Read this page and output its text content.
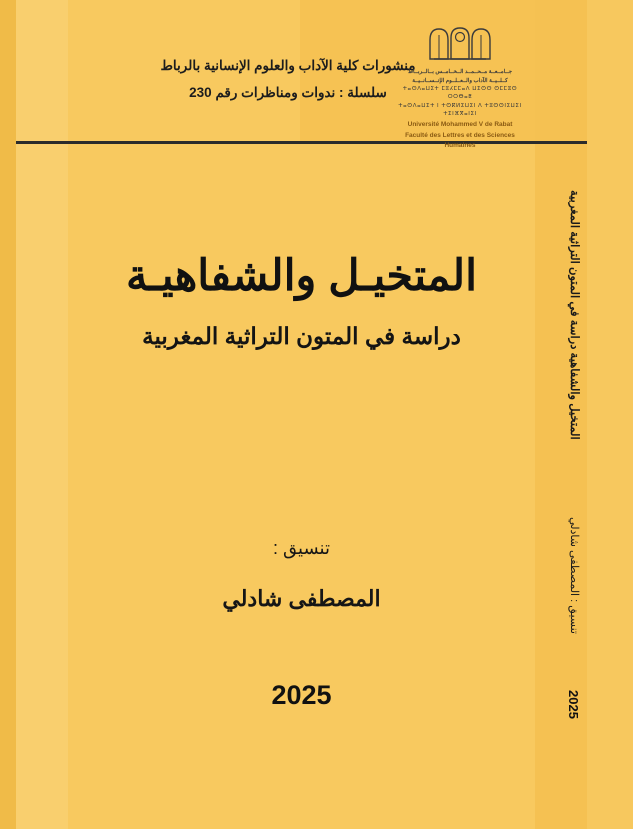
منشورات كلية الآداب والعلوم الإنسانية بالرباط
سلسلة : ندوات ومناظرات رقم 230
جــامــعــة مــحــمــد الــخــامــس بــالــربــاط
كــلــيــة الآداب والــعــلــوم الإنــســانــيــة
ⵜⴰⵙⴷⴰⵡⵉⵜ ⵎⵓⵃⵎⵎⴰⴷ ⵡⵉⵙⵙ ⵙⵎⵎⵓⵙ ⵔⵔⴱⴰⵟ
ⵜⴰⵙⴷⴰⵡⵉⵜ ⵏ ⵜⵙⴽⵍⵉⵡⵉⵏ ⴷ ⵜⵓⵙⵙⵏⵉⵡⵉⵏ ⵜⵉⵏⴼⴳⴰⵏⵉⵏ
Université Mohammed V de Rabat
Faculté des Lettres et des Sciences Humaines
المتخيـل والشفاهيـة
دراسة في المتون التراثية المغربية
تنسيق :
المصطفى شادلي
2025
المتخيل والشفاهية دراسة في المتون التراثية المغربية
تنسيق : المصطفى شادلي
2025
